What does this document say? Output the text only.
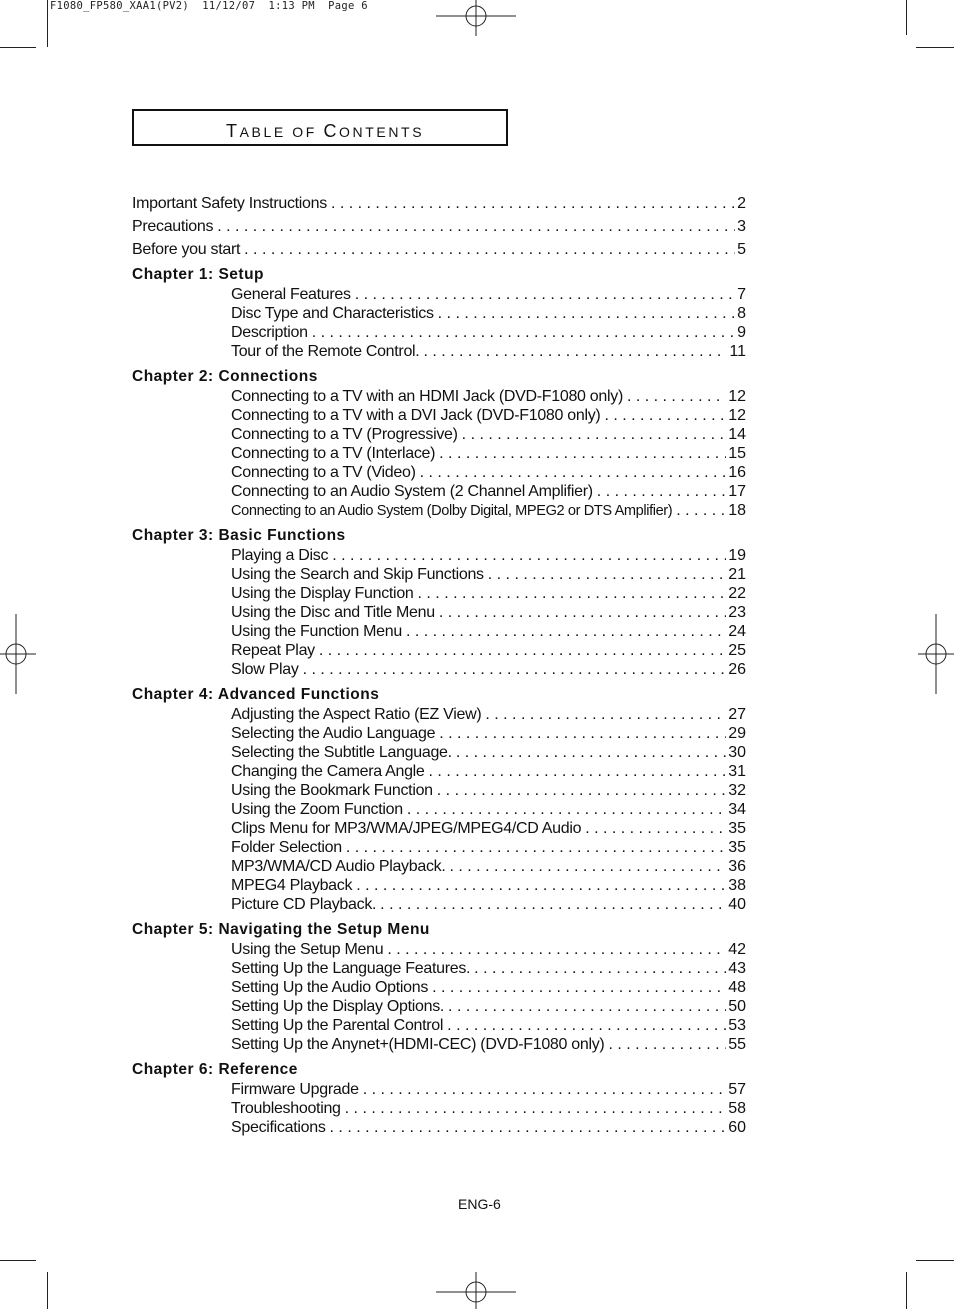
F1080_FP580_XAA1(PV2)  11/12/07  1:13 PM  Page 6
TABLE OF CONTENTS
Important Safety Instructions . . .	2
Precautions . . .	3
Before you start . . .	5
Chapter 1: Setup
General Features . . .	7
Disc Type and Characteristics . . .	8
Description . . .	9
Tour of the Remote Control. . . .	11
Chapter 2: Connections
Connecting to a TV with an HDMI Jack (DVD-F1080 only) . . .	12
Connecting to a TV with a DVI Jack (DVD-F1080 only) . . .	12
Connecting to a TV (Progressive) . . .	14
Connecting to a TV (Interlace) . . .	15
Connecting to a TV (Video) . . .	16
Connecting to an Audio System (2 Channel Amplifier) . . .	17
Connecting to an Audio System (Dolby Digital, MPEG2 or DTS Amplifier) . . .	18
Chapter 3: Basic Functions
Playing a Disc . . .	19
Using the Search and Skip Functions . . .	21
Using the Display Function . . .	22
Using the Disc and Title Menu . . .	23
Using the Function Menu . . .	24
Repeat Play . . .	25
Slow Play . . .	26
Chapter 4: Advanced Functions
Adjusting the Aspect Ratio (EZ View) . . .	27
Selecting the Audio Language . . .	29
Selecting the Subtitle Language. . . .	30
Changing the Camera Angle . . .	31
Using the Bookmark Function . . .	32
Using the Zoom Function . . .	34
Clips Menu for MP3/WMA/JPEG/MPEG4/CD Audio . . .	35
Folder Selection . . .	35
MP3/WMA/CD Audio Playback. . . .	36
MPEG4 Playback . . .	38
Picture CD Playback. . . .	40
Chapter 5: Navigating the Setup Menu
Using the Setup Menu . . .	42
Setting Up the Language Features. . . .	43
Setting Up the Audio Options . . .	48
Setting Up the Display Options. . . .	50
Setting Up the Parental Control . . .	53
Setting Up the Anynet+(HDMI-CEC) (DVD-F1080 only) . . .	55
Chapter 6: Reference
Firmware Upgrade . . .	57
Troubleshooting . . .	58
Specifications . . .	60
ENG-6
